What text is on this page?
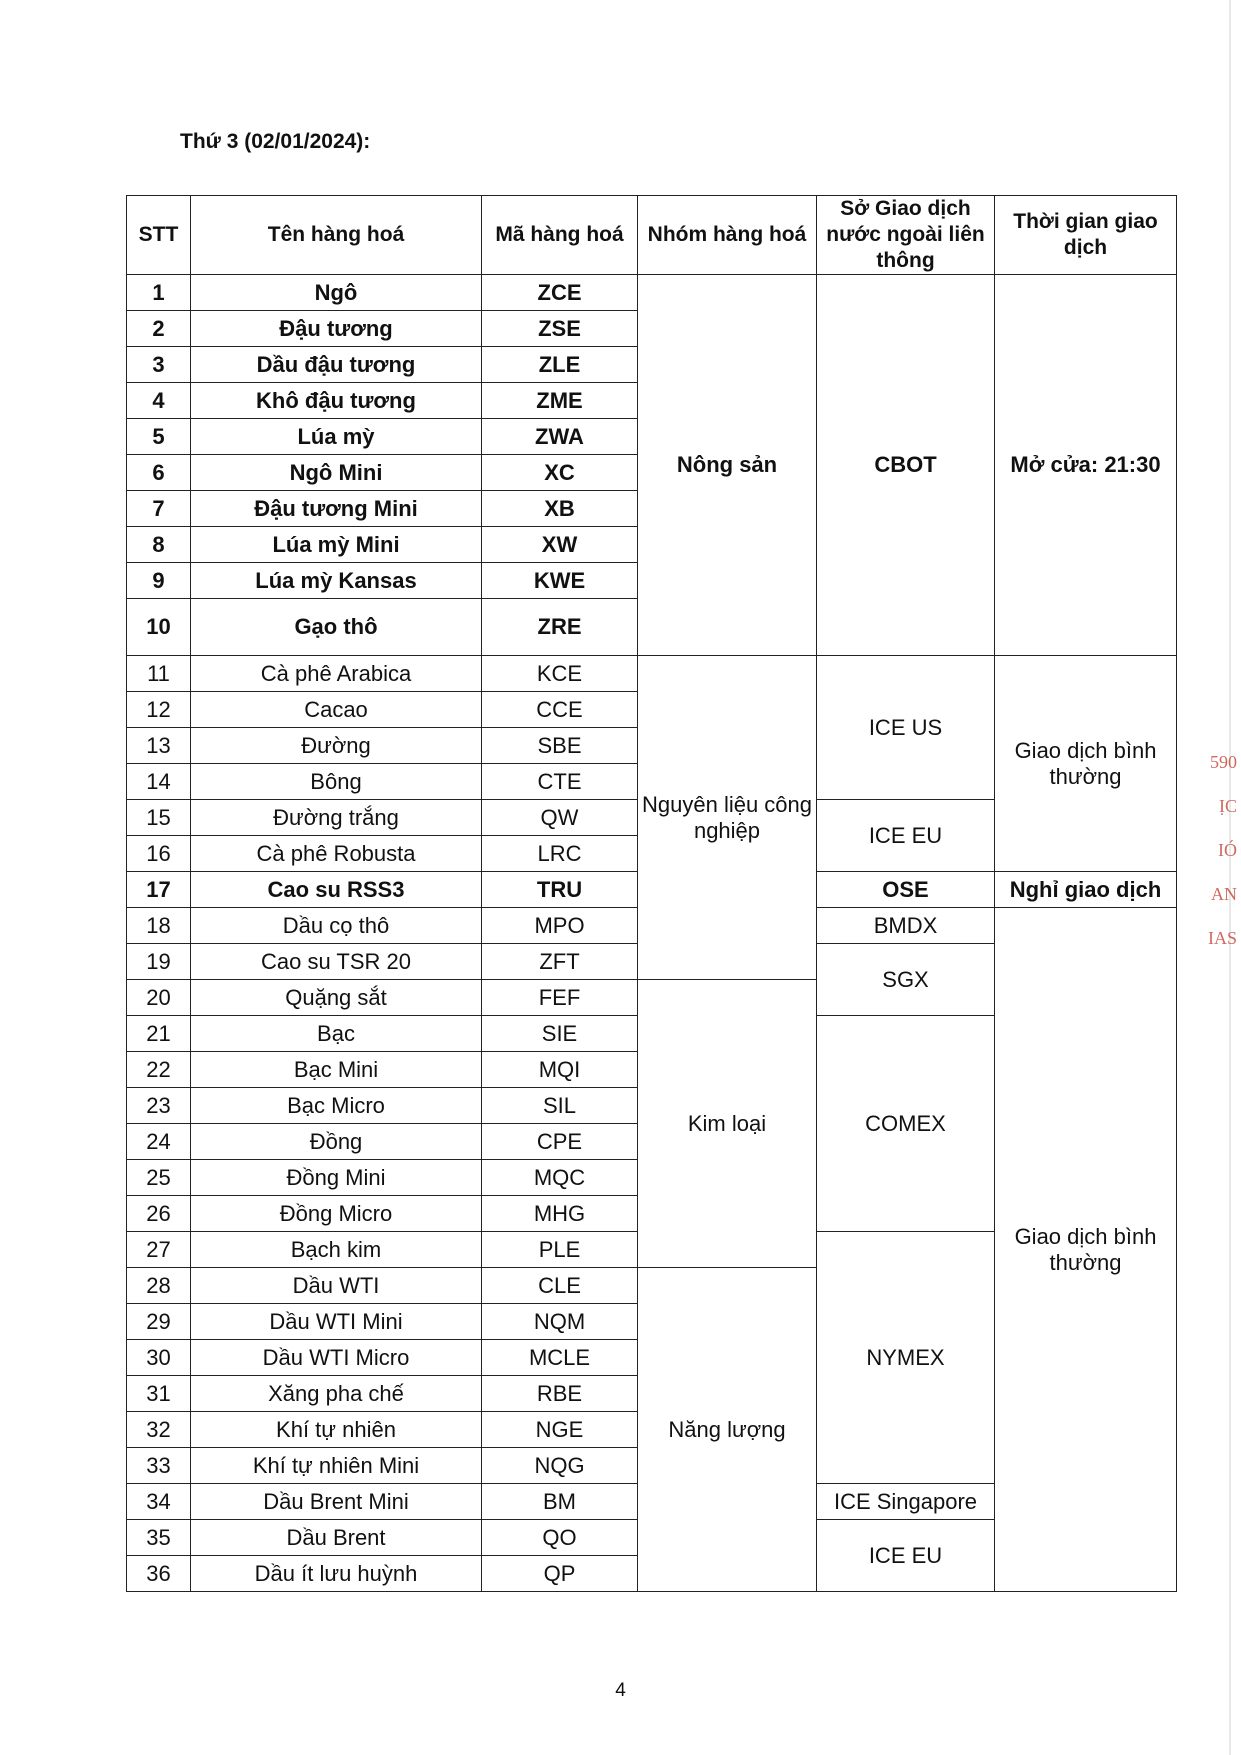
Thứ 3 (02/01/2024):
STT	Tên hàng hoá	Mã hàng hoá	Nhóm hàng hoá	Sở Giao dịch nước ngoài liên thông	Thời gian giao dịch
1	Ngô	ZCE	Nông sản	CBOT	Mở cửa: 21:30
2	Đậu tương	ZSE			
3	Dầu đậu tương	ZLE			
4	Khô đậu tương	ZME			
5	Lúa mỳ	ZWA			
6	Ngô Mini	XC			
7	Đậu tương Mini	XB			
8	Lúa mỳ Mini	XW			
9	Lúa mỳ Kansas	KWE			
10	Gạo thô	ZRE			
11	Cà phê Arabica	KCE	Nguyên liệu công nghiệp	ICE US	Giao dịch bình thường
12	Cacao	CCE			
13	Đường	SBE			
14	Bông	CTE			
15	Đường trắng	QW		ICE EU	
16	Cà phê Robusta	LRC			
17	Cao su RSS3	TRU		OSE	Nghỉ giao dịch
18	Dầu cọ thô	MPO		BMDX	Giao dịch bình thường
19	Cao su TSR 20	ZFT		SGX	
20	Quặng sắt	FEF	Kim loại		
21	Bạc	SIE		COMEX	
22	Bạc Mini	MQI			
23	Bạc Micro	SIL			
24	Đồng	CPE			
25	Đồng Mini	MQC			
26	Đồng Micro	MHG			
27	Bạch kim	PLE		NYMEX	
28	Dầu WTI	CLE	Năng lượng		
29	Dầu WTI Mini	NQM			
30	Dầu WTI Micro	MCLE			
31	Xăng pha chế	RBE			
32	Khí tự nhiên	NGE			
33	Khí tự nhiên Mini	NQG			
34	Dầu Brent Mini	BM		ICE Singapore	
35	Dầu Brent	QO		ICE EU	
36	Dầu ít lưu huỳnh	QP			
590
ỊC
IÓ
AN
IAS
4
